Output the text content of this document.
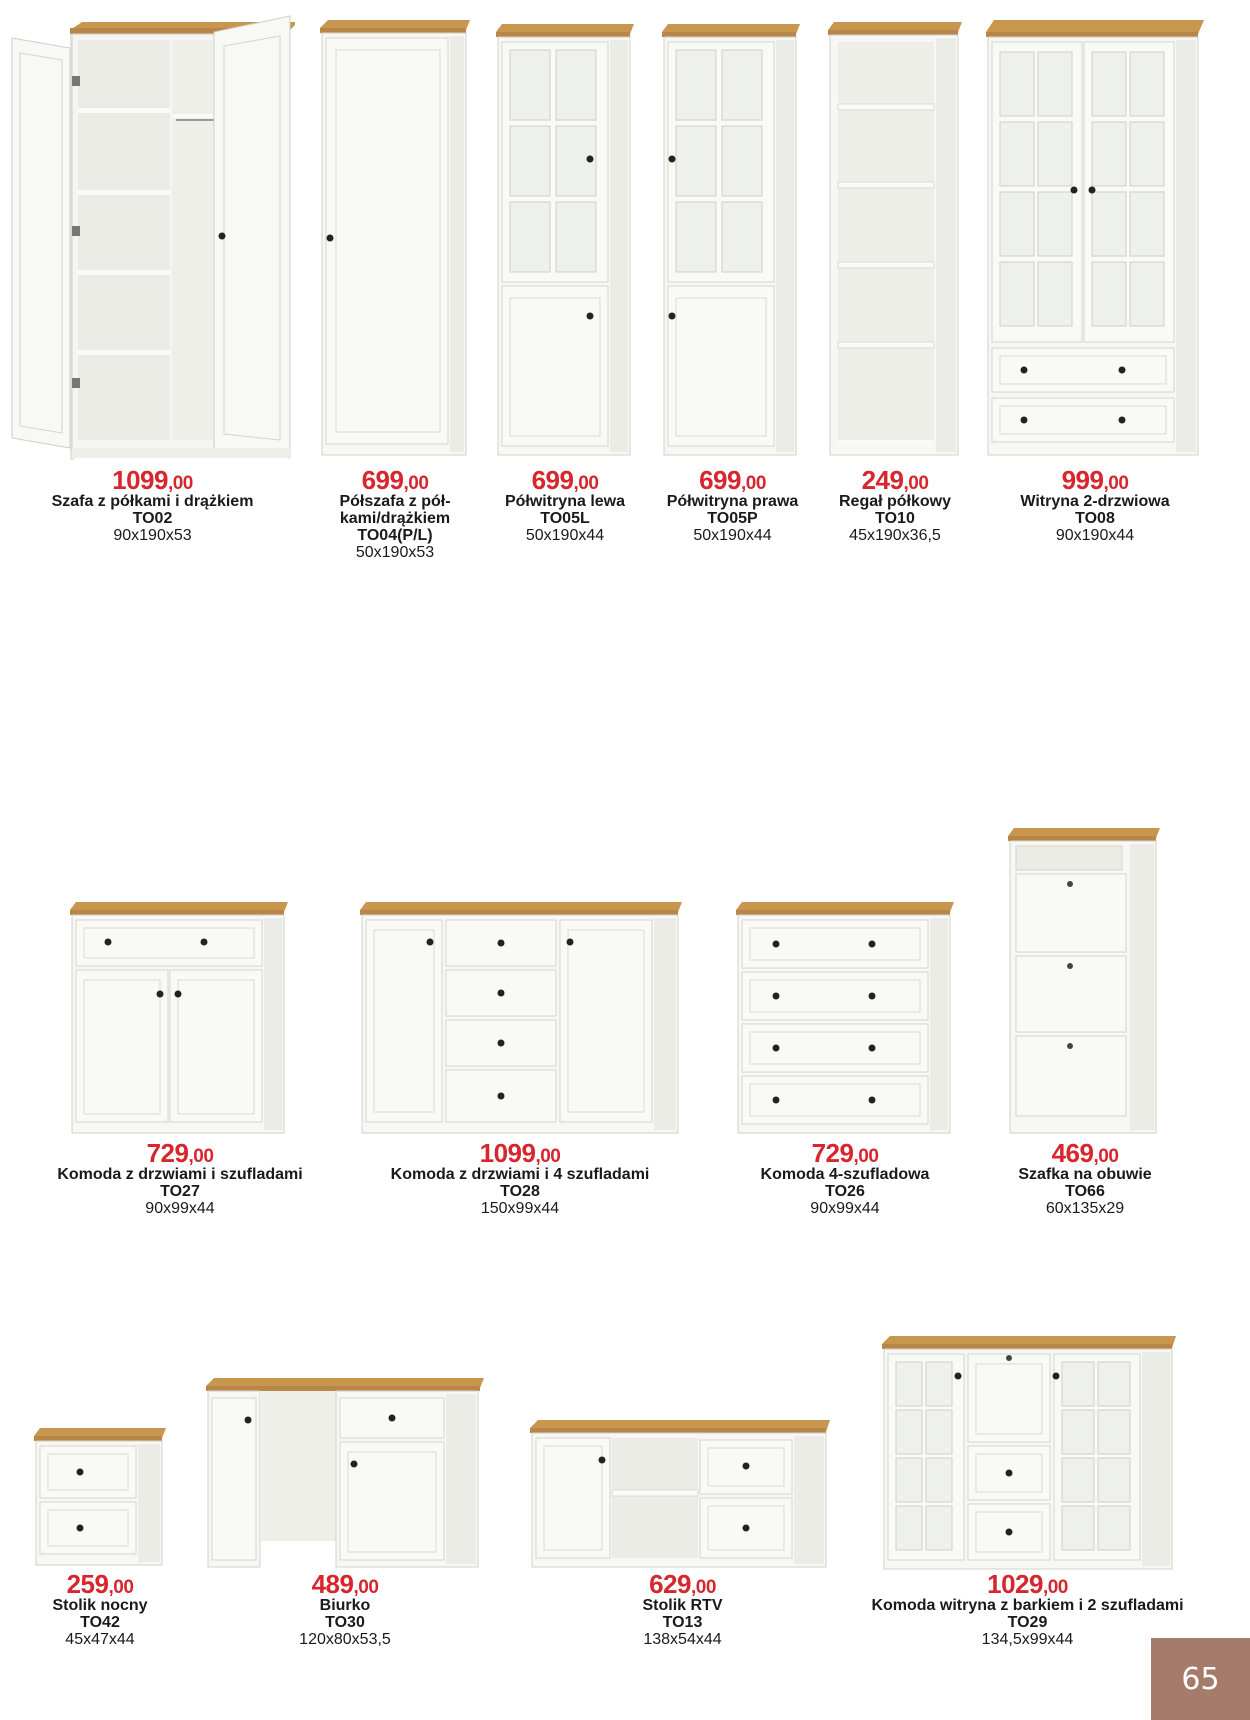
1099,00
Szafa z półkami i drążkiem
TO02
90x190x53
699,00
Półszafa z pół-
kami/drążkiem
TO04(P/L)
50x190x53
699,00
Półwitryna lewa
TO05L
50x190x44
699,00
Półwitryna prawa
TO05P
50x190x44
249,00
Regał półkowy
TO10
45x190x36,5
999,00
Witryna 2-drzwiowa
TO08
90x190x44
729,00
Komoda z drzwiami i szufladami
TO27
90x99x44
1099,00
Komoda z drzwiami i 4 szufladami
TO28
150x99x44
729,00
Komoda 4-szufladowa
TO26
90x99x44
469,00
Szafka na obuwie
TO66
60x135x29
259,00
Stolik nocny
TO42
45x47x44
489,00
Biurko
TO30
120x80x53,5
629,00
Stolik RTV
TO13
138x54x44
1029,00
Komoda witryna z barkiem i 2 szufladami
TO29
134,5x99x44
65
